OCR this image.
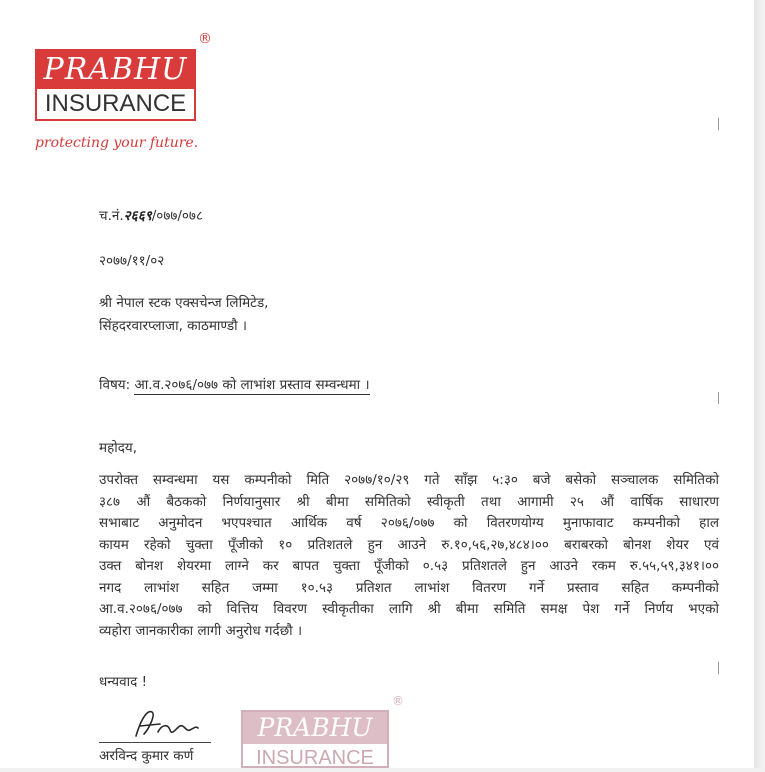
PRABHU
INSURANCE
®
protecting your future.
च.नं.२६६९/०७७/०७८
२०७७/११/०२
श्री नेपाल स्टक एक्सचेन्ज लिमिटेड,
सिंहदरवारप्लाजा, काठमाण्डौ ।
विषय: आ.व.२०७६/०७७ को लाभांश प्रस्ताव सम्वन्धमा ।
महोदय,
उपरोक्त सम्वन्धमा यस कम्पनीको मिति २०७७/१०/२९ गते साँझ ५:३० बजे बसेको सञ्चालक समितिको
३८७ औं बैठकको निर्णयानुसार श्री बीमा समितिको स्वीकृती तथा आगामी २५ औं वार्षिक साधारण
सभाबाट अनुमोदन भएपश्चात आर्थिक वर्ष २०७६/०७७ को वितरणयोग्य मुनाफावाट कम्पनीको हाल
कायम रहेको चुक्ता पूँजीको १० प्रतिशतले हुन आउने रु.१०,५६,२७,४८४।०० बराबरको बोनश शेयर एवं
उक्त बोनश शेयरमा लाग्ने कर बापत चुक्ता पूँजीको ०.५३ प्रतिशतले हुन आउने रकम रु.५५,५९,३४१।००
नगद लाभांश सहित जम्मा १०.५३ प्रतिशत लाभांश वितरण गर्ने प्रस्ताव सहित कम्पनीको
आ.व.२०७६/०७७ को वित्तिय विवरण स्वीकृतीका लागि श्री बीमा समिति समक्ष पेश गर्ने निर्णय भएको
व्यहोरा जानकारीका लागी अनुरोध गर्दछौ ।
धन्यवाद !
अरविन्द कुमार कर्ण
PRABHU
INSURANCE
®
